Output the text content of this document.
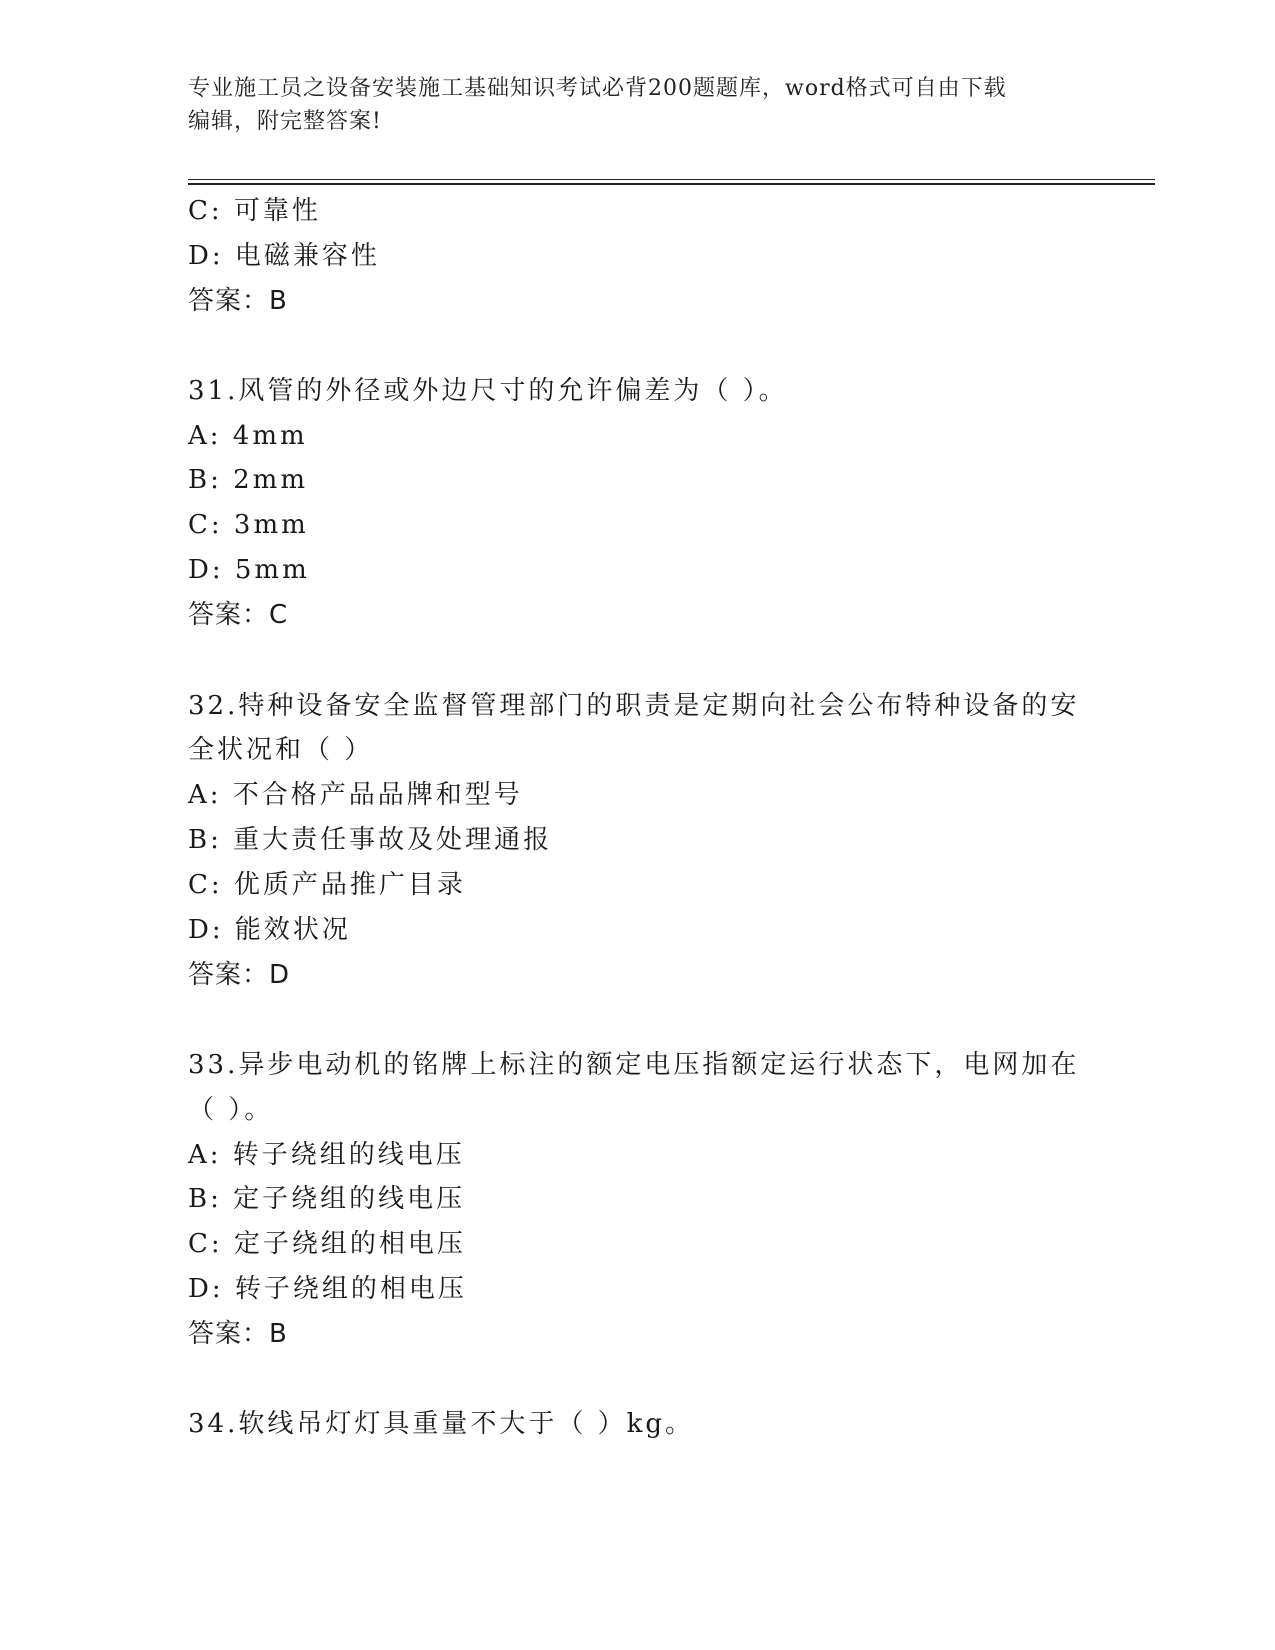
专业施工员之设备安装施工基础知识考试必背200题题库，word格式可自由下载
编辑，附完整答案!
C: 可靠性
D: 电磁兼容性
答案：B
31.风管的外径或外边尺寸的允许偏差为（ ）。
A: 4mm
B: 2mm
C: 3mm
D: 5mm
答案：C
32.特种设备安全监督管理部门的职责是定期向社会公布特种设备的安
全状况和（ ）
A: 不合格产品品牌和型号
B: 重大责任事故及处理通报
C: 优质产品推广目录
D: 能效状况
答案：D
33.异步电动机的铭牌上标注的额定电压指额定运行状态下，电网加在
（ ）。
A: 转子绕组的线电压
B: 定子绕组的线电压
C: 定子绕组的相电压
D: 转子绕组的相电压
答案：B
34.软线吊灯灯具重量不大于（ ）kg。
